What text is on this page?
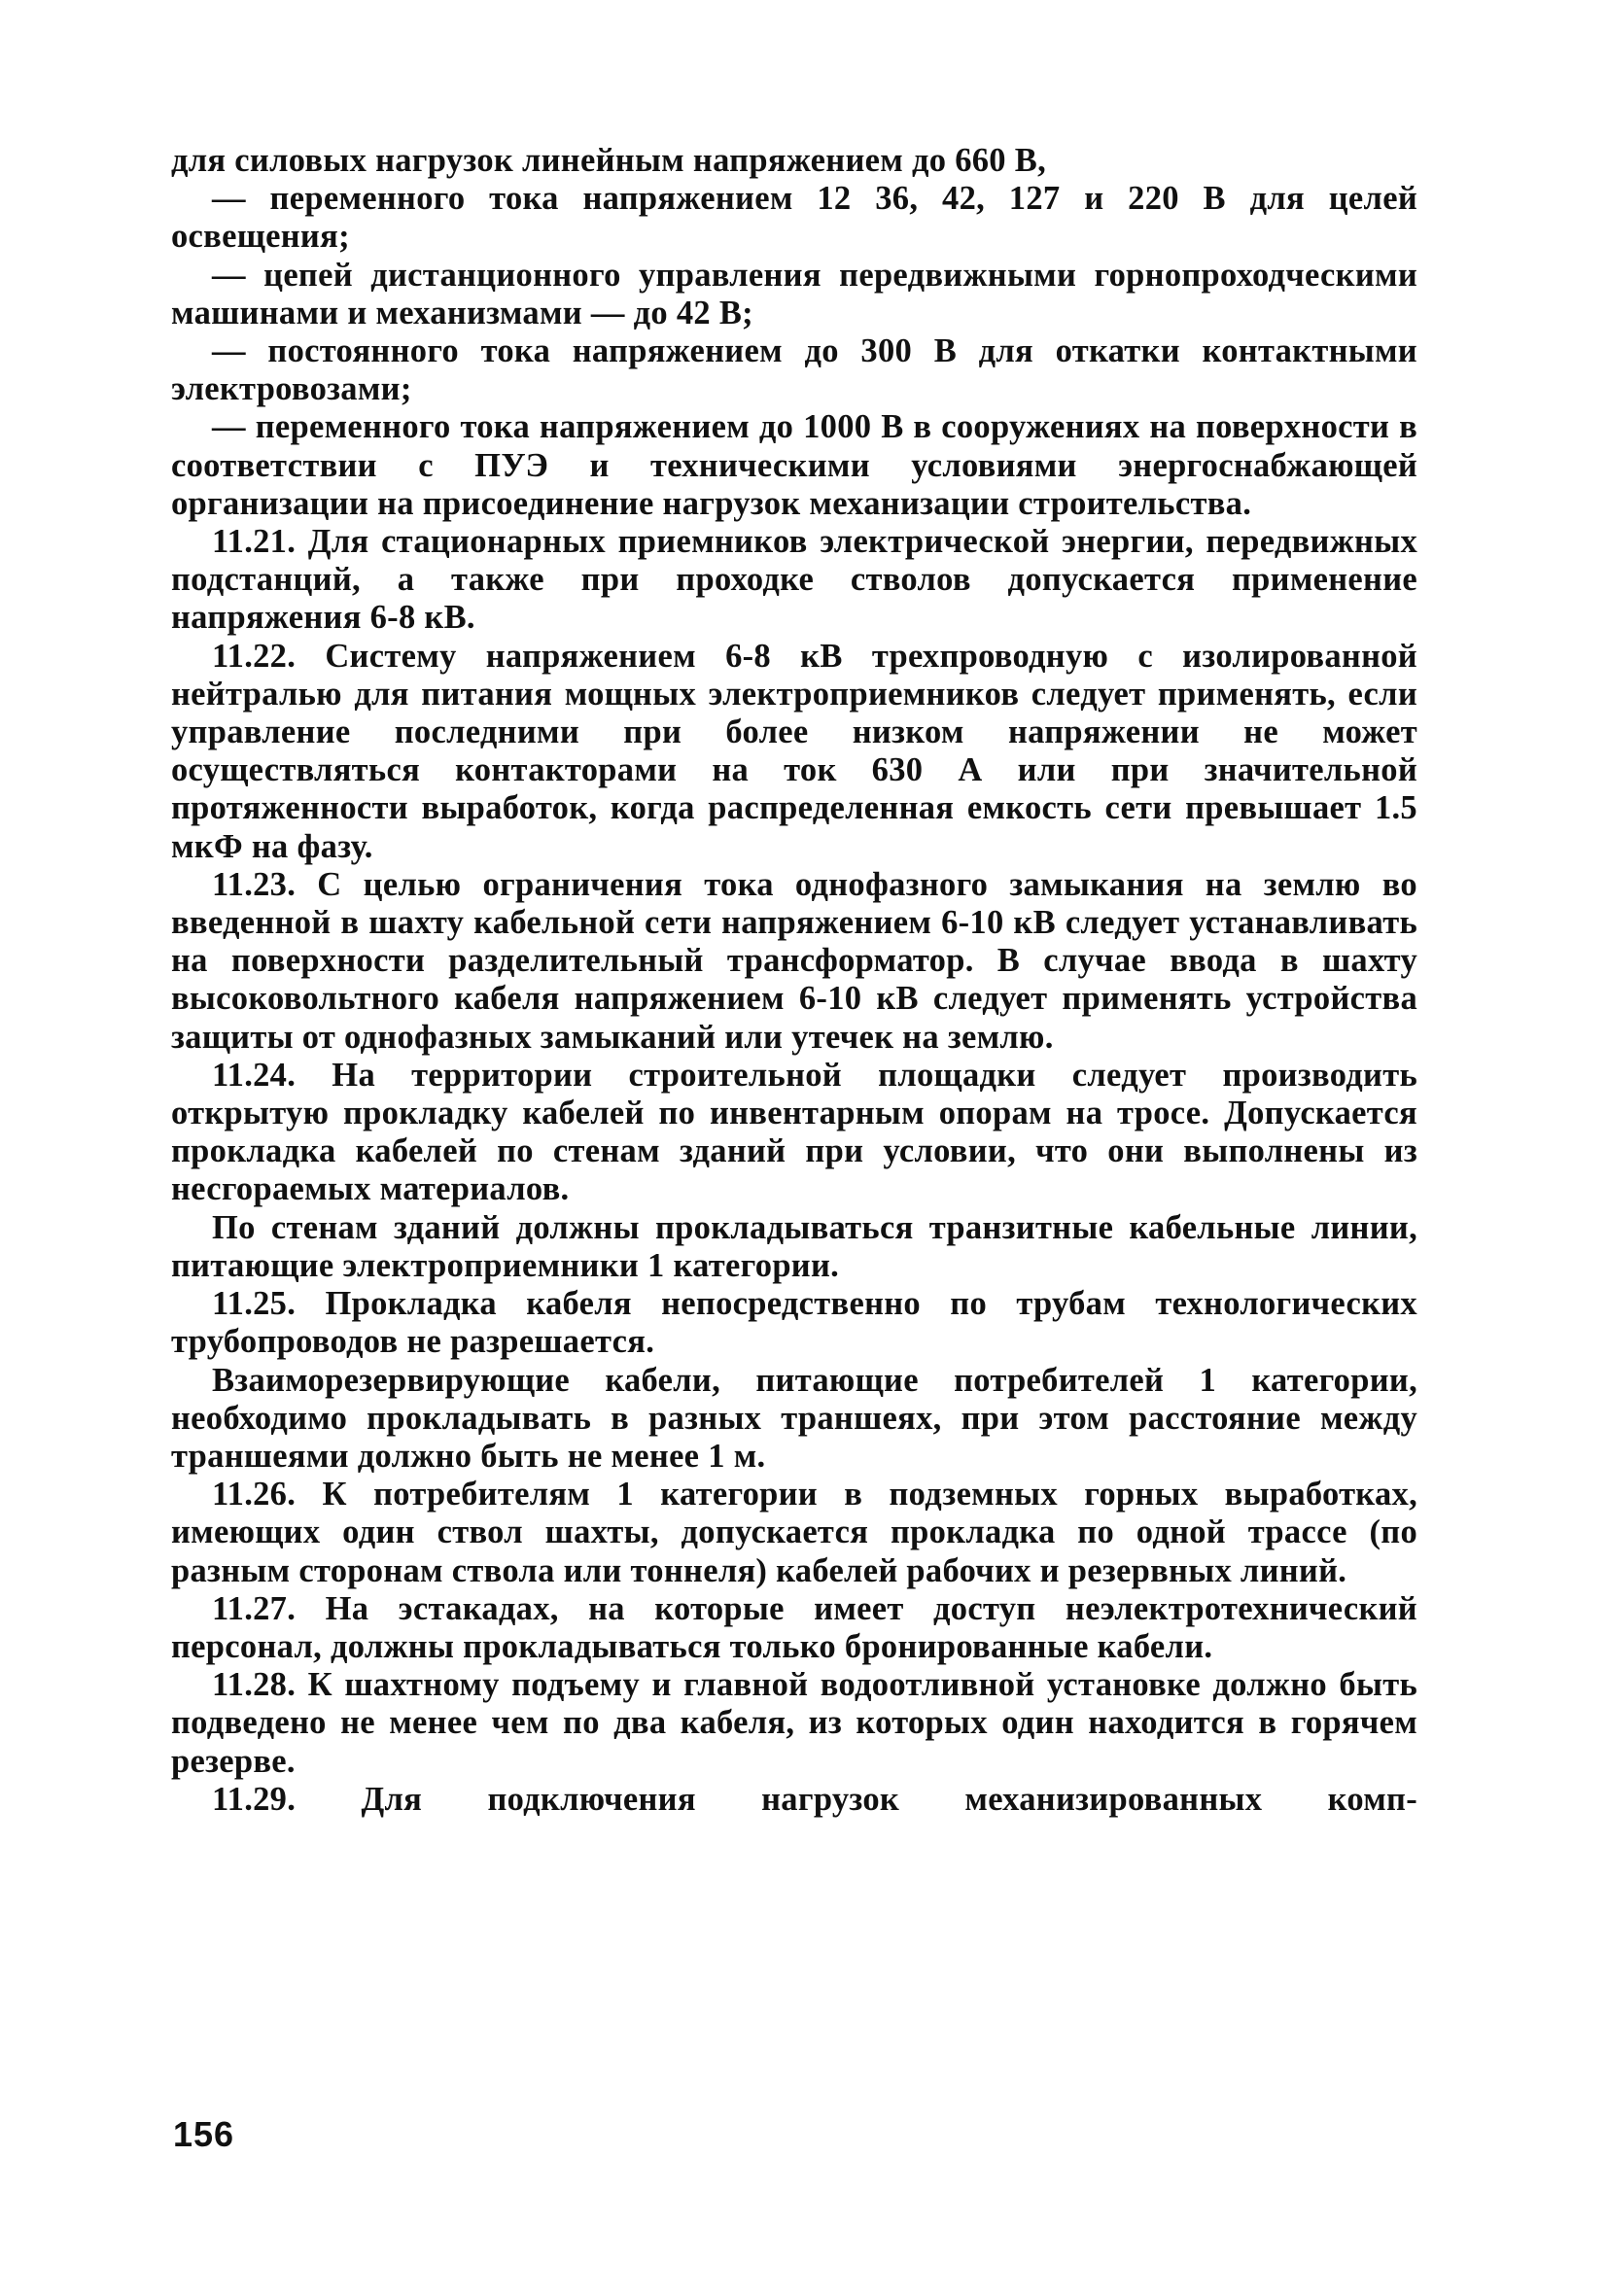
для силовых нагрузок линейным напряжением до 660 В,

— переменного тока напряжением 12 36, 42, 127 и 220 В для целей освещения;

— цепей дистанционного управления передвижными горнопроходческими машинами и механизмами — до 42 В;

— постоянного тока напряжением до 300 В для откатки контактными электровозами;

— переменного тока напряжением до 1000 В в сооружениях на поверхности в соответствии с ПУЭ и техническими условиями энергоснабжающей организации на присоединение нагрузок механизации строительства.

11.21. Для стационарных приемников электрической энергии, передвижных подстанций, а также при проходке стволов допускается применение напряжения 6-8 кВ.

11.22. Систему напряжением 6-8 кВ трехпроводную с изолированной нейтралью для питания мощных электроприемников следует применять, если управление последними при более низком напряжении не может осуществляться контакторами на ток 630 А или при значительной протяженности выработок, когда распределенная емкость сети превышает 1.5 мкФ на фазу.

11.23. С целью ограничения тока однофазного замыкания на землю во введенной в шахту кабельной сети напряжением 6-10 кВ следует устанавливать на поверхности разделительный трансформатор. В случае ввода в шахту высоковольтного кабеля напряжением 6-10 кВ следует применять устройства защиты от однофазных замыканий или утечек на землю.

11.24. На территории строительной площадки следует производить открытую прокладку кабелей по инвентарным опорам на тросе. Допускается прокладка кабелей по стенам зданий при условии, что они выполнены из несгораемых материалов.

По стенам зданий должны прокладываться транзитные кабельные линии, питающие электроприемники 1 категории.

11.25. Прокладка кабеля непосредственно по трубам технологических трубопроводов не разрешается.

Взаиморезервирующие кабели, питающие потребителей 1 категории, необходимо прокладывать в разных траншеях, при этом расстояние между траншеями должно быть не менее 1 м.

11.26. К потребителям 1 категории в подземных горных выработках, имеющих один ствол шахты, допускается прокладка по одной трассе (по разным сторонам ствола или тоннеля) кабелей рабочих и резервных линий.

11.27. На эстакадах, на которые имеет доступ неэлектротехнический персонал, должны прокладываться только бронированные кабели.

11.28. К шахтному подъему и главной водоотливной установке должно быть подведено не менее чем по два кабеля, из которых один находится в горячем резерве.

11.29. Для подключения нагрузок механизированных комп-

156
